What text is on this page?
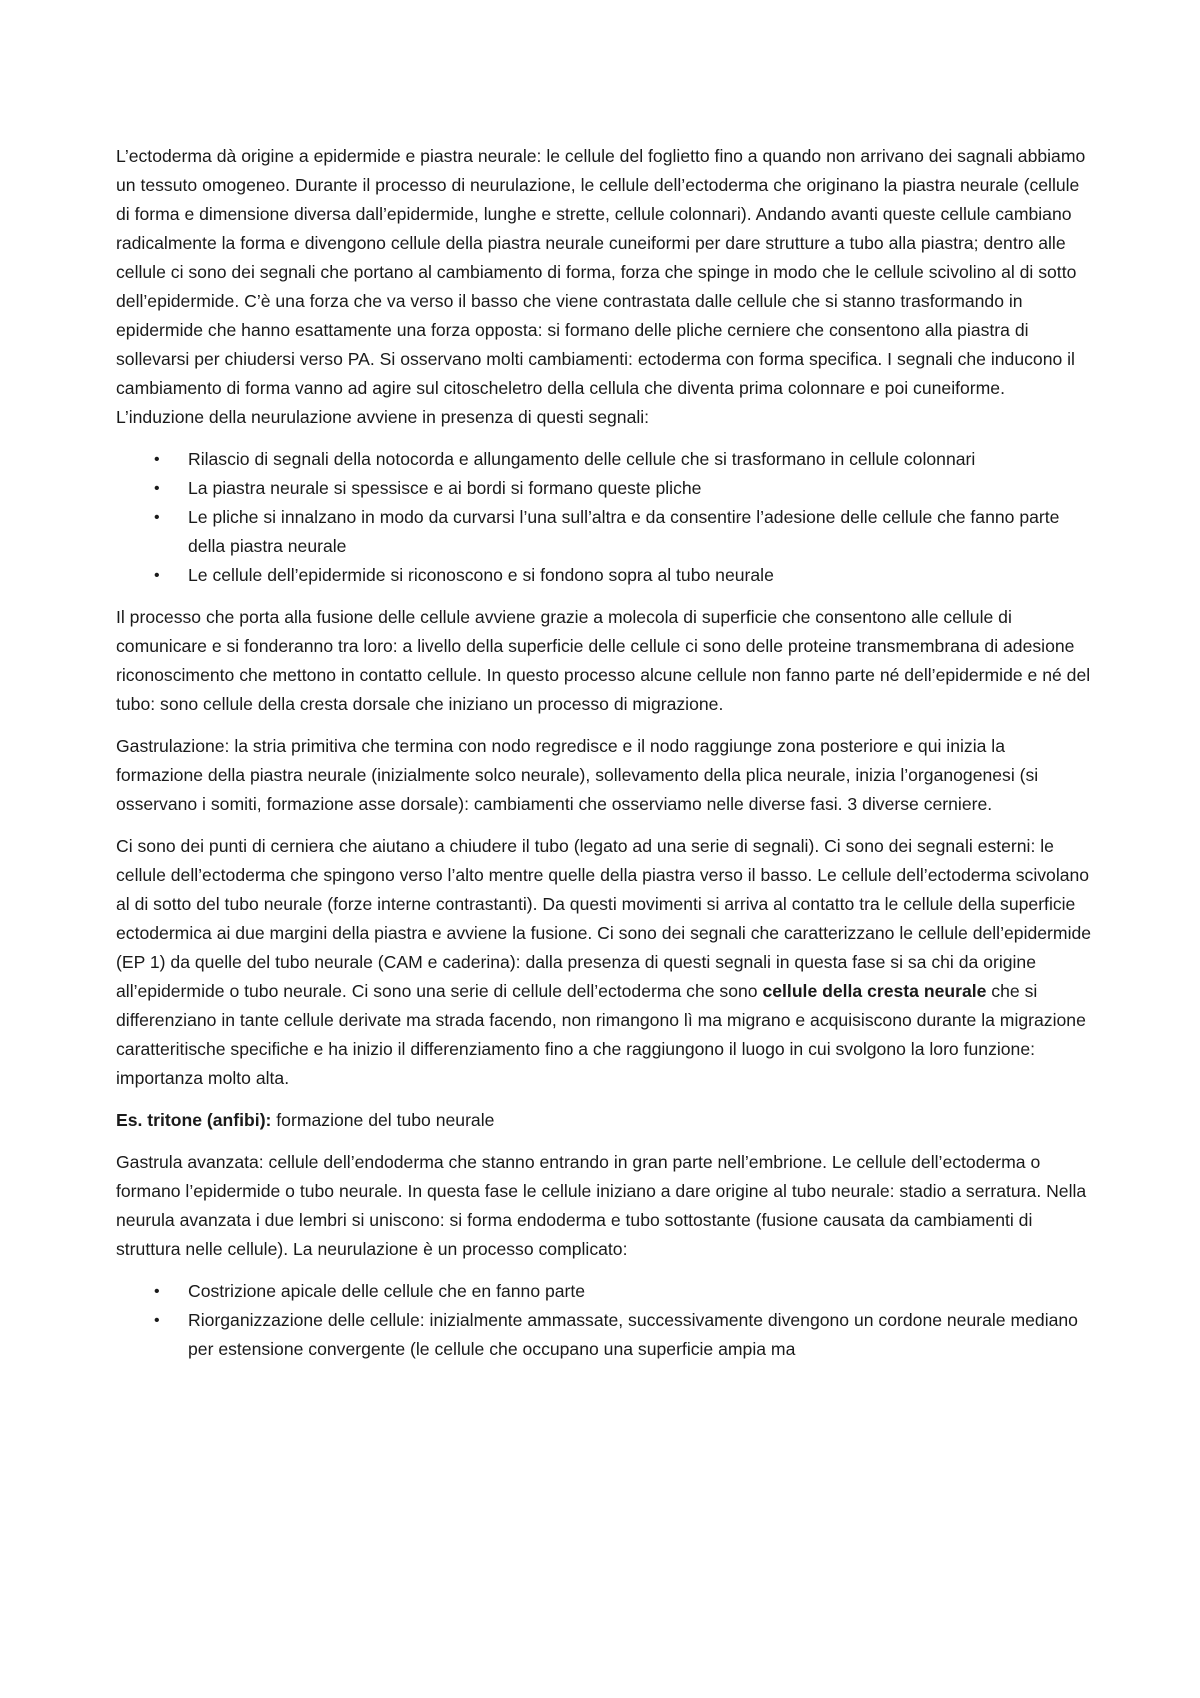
L’ectoderma dà origine a epidermide e piastra neurale: le cellule del foglietto fino a quando non arrivano dei sagnali abbiamo un tessuto omogeneo. Durante il processo di neurulazione, le cellule dell’ectoderma che originano la piastra neurale (cellule di forma e dimensione diversa dall’epidermide, lunghe e strette, cellule colonnari). Andando avanti queste cellule cambiano radicalmente la forma e divengono cellule della piastra neurale cuneiformi per dare strutture a tubo alla piastra; dentro alle cellule ci sono dei segnali che portano al cambiamento di forma, forza che spinge in modo che le cellule scivolino al di sotto dell’epidermide. C’è una forza che va verso il basso che viene contrastata dalle cellule che si stanno trasformando in epidermide che hanno esattamente una forza opposta: si formano delle pliche cerniere che consentono alla piastra di sollevarsi per chiudersi verso PA. Si osservano molti cambiamenti: ectoderma con forma specifica. I segnali che inducono il cambiamento di forma vanno ad agire sul citoscheletro della cellula che diventa prima colonnare e poi cuneiforme. L’induzione della neurulazione avviene in presenza di questi segnali:

• Rilascio di segnali della notocorda e allungamento delle cellule che si trasformano in cellule colonnari
• La piastra neurale si spessisce e ai bordi si formano queste pliche
• Le pliche si innalzano in modo da curvarsi l’una sull’altra e da consentire l’adesione delle cellule che fanno parte della piastra neurale
• Le cellule dell’epidermide si riconoscono e si fondono sopra al tubo neurale

Il processo che porta alla fusione delle cellule avviene grazie a molecola di superficie che consentono alle cellule di comunicare e si fonderanno tra loro: a livello della superficie delle cellule ci sono delle proteine transmembrana di adesione riconoscimento che mettono in contatto cellule. In questo processo alcune cellule non fanno parte né dell’epidermide e né del tubo: sono cellule della cresta dorsale che iniziano un processo di migrazione.

Gastrulazione: la stria primitiva che termina con nodo regredisce e il nodo raggiunge zona posteriore e qui inizia la formazione della piastra neurale (inizialmente solco neurale), sollevamento della plica neurale, inizia l’organogenesi (si osservano i somiti, formazione asse dorsale): cambiamenti che osserviamo nelle diverse fasi. 3 diverse cerniere.

Ci sono dei punti di cerniera che aiutano a chiudere il tubo (legato ad una serie di segnali). Ci sono dei segnali esterni: le cellule dell’ectoderma che spingono verso l’alto mentre quelle della piastra verso il basso. Le cellule dell’ectoderma scivolano al di sotto del tubo neurale (forze interne contrastanti). Da questi movimenti si arriva al contatto tra le cellule della superficie ectodermica ai due margini della piastra e avviene la fusione. Ci sono dei segnali che caratterizzano le cellule dell’epidermide (EP 1) da quelle del tubo neurale (CAM e caderina): dalla presenza di questi segnali in questa fase si sa chi da origine all’epidermide o tubo neurale. Ci sono una serie di cellule dell’ectoderma che sono cellule della cresta neurale che si differenziano in tante cellule derivate ma strada facendo, non rimangono lì ma migrano e acquisiscono durante la migrazione caratteritische specifiche e ha inizio il differenziamento fino a che raggiungono il luogo in cui svolgono la loro funzione: importanza molto alta.

Es. tritone (anfibi): formazione del tubo neurale

Gastrula avanzata: cellule dell’endoderma che stanno entrando in gran parte nell’embrione. Le cellule dell’ectoderma o formano l’epidermide o tubo neurale. In questa fase le cellule iniziano a dare origine al tubo neurale: stadio a serratura. Nella neurula avanzata i due lembri si uniscono: si forma endoderma e tubo sottostante (fusione causata da cambiamenti di struttura nelle cellule). La neurulazione è un processo complicato:

• Costrizione apicale delle cellule che en fanno parte
• Riorganizzazione delle cellule: inizialmente ammassate, successivamente divengono un cordone neurale mediano per estensione convergente (le cellule che occupano una superficie ampia ma
